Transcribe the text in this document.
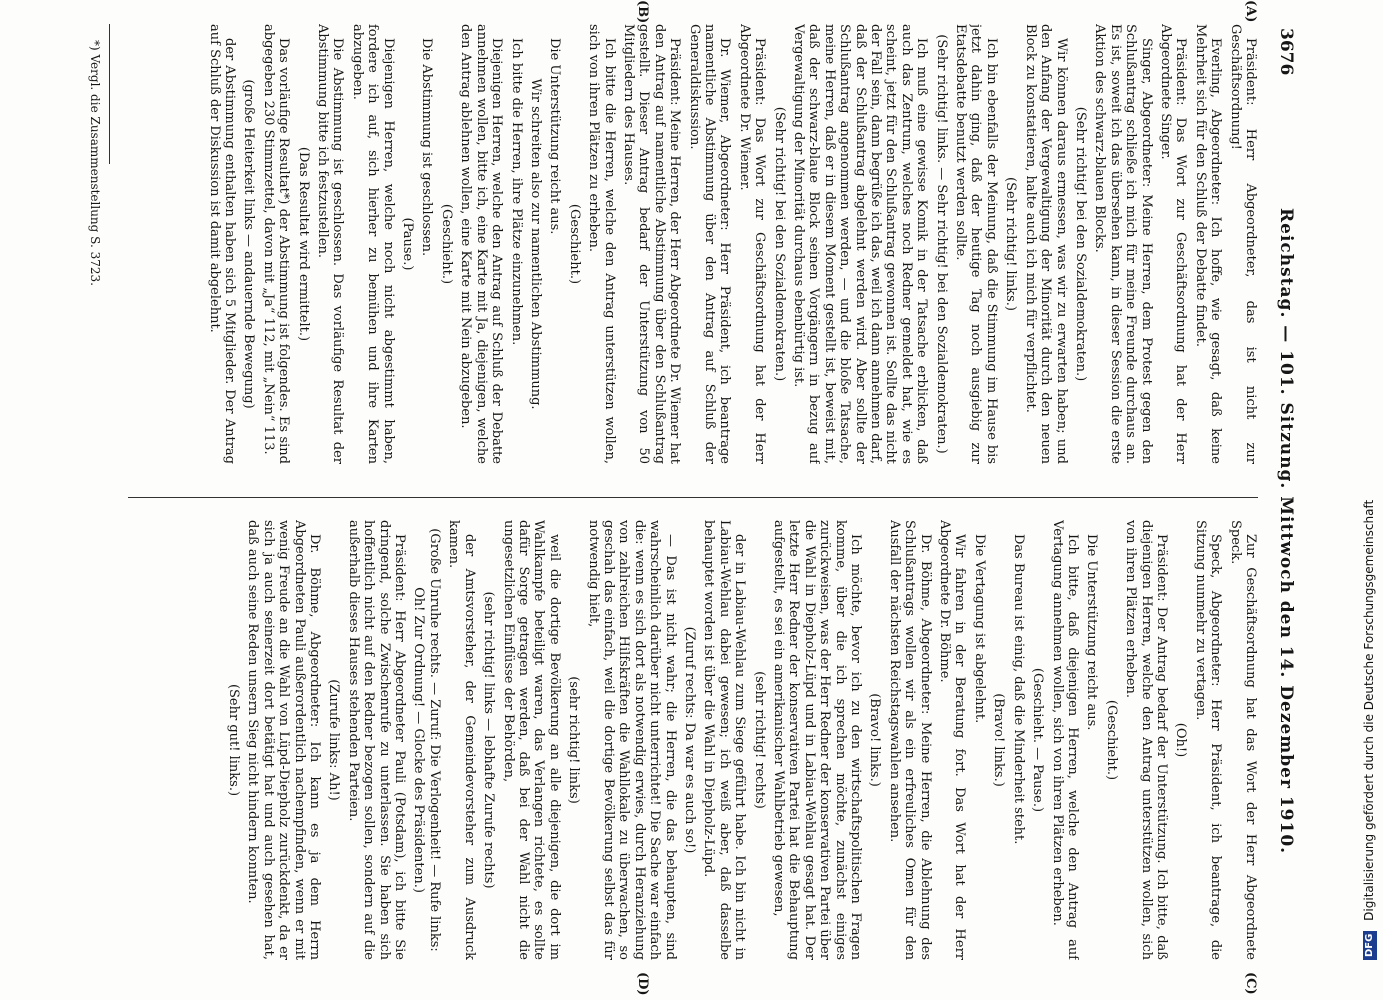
3676
Reichstag. — 101. Sitzung. Mittwoch den 14. Dezember 1910.
(A)
(B)
(C)
(D)

Präsident: Herr Abgeordneter, das ist nicht zur Geschäftsordnung!

Everling, Abgeordneter: Ich hoffe, wie gesagt, daß keine Mehrheit sich für den Schluß der Debatte findet.

Präsident: Das Wort zur Geschäftsordnung hat der Herr Abgeordnete Singer.

Singer, Abgeordneter: Meine Herren, dem Protest gegen den Schlußantrag schließe ich mich für meine Freunde durchaus an. Es ist, soweit ich das übersehen kann, in dieser Session die erste Aktion des schwarz-blauen Blocks.

(Sehr richtig! bei den Sozialdemokraten.)

Wir können daraus ermessen, was wir zu erwarten haben; und den Anfang der Vergewaltigung der Minorität durch den neuen Block zu konstatieren, halte auch ich mich für verpflichtet.

(Sehr richtig! links.)

Ich bin ebenfalls der Meinung, daß die Stimmung im Hause bis jetzt dahin ging, daß der heutige Tag noch ausgiebig zur Etatsdebatte benutzt werden sollte.

(Sehr richtig! links. — Sehr richtig! bei den Sozialdemokraten.)

Ich muß eine gewisse Komik in der Tatsache erblicken, daß auch das Zentrum, welches noch Redner gemeldet hat, wie es scheint, jetzt für den Schlußantrag gewonnen ist. Sollte das nicht der Fall sein, dann begrüße ich das, weil ich dann annehmen darf, daß der Schlußantrag abgelehnt werden wird. Aber sollte der Schlußantrag angenommen werden, — und die bloße Tatsache, meine Herren, daß er in diesem Moment gestellt ist, beweist mit, daß der schwarz-blaue Block seinen Vorgängern in bezug auf Vergewaltigung der Minorität durchaus ebenbürtig ist.

(Sehr richtig! bei den Sozialdemokraten.)

Präsident: Das Wort zur Geschäftsordnung hat der Herr Abgeordnete Dr. Wiemer.

Dr. Wiemer, Abgeordneter: Herr Präsident, ich beantrage namentliche Abstimmung über den Antrag auf Schluß der Generaldiskussion.

Präsident: Meine Herren, der Herr Abgeordnete Dr. Wiemer hat den Antrag auf namentliche Abstimmung über den Schlußantrag gestellt. Dieser Antrag bedarf der Unterstützung von 50 Mitgliedern des Hauses.

Ich bitte die Herren, welche den Antrag unterstützen wollen, sich von ihren Plätzen zu erheben.

(Geschieht.)

Die Unterstützung reicht aus.

Wir schreiten also zur namentlichen Abstimmung.

Ich bitte die Herren, ihre Plätze einzunehmen.

Diejenigen Herren, welche den Antrag auf Schluß der Debatte annehmen wollen, bitte ich, eine Karte mit Ja, diejenigen, welche den Antrag ablehnen wollen, eine Karte mit Nein abzugeben.

(Geschieht.)

Die Abstimmung ist geschlossen.

(Pause.)

Diejenigen Herren, welche noch nicht abgestimmt haben, fordere ich auf, sich hierher zu bemühen und ihre Karten abzugeben.

Die Abstimmung ist geschlossen. Das vorläufige Resultat der Abstimmung bitte ich festzustellen.

(Das Resultat wird ermittelt.)

Das vorläufige Resultat*) der Abstimmung ist folgendes. Es sind abgegeben 230 Stimmzettel, davon mit „Ja“ 112, mit „Nein“ 113.

(große Heiterkeit links — andauernde Bewegung)

der Abstimmung enthalten haben sich 5 Mitglieder. Der Antrag auf Schluß der Diskussion ist damit abgelehnt.

Zur Geschäftsordnung hat das Wort der Herr Abgeordnete Speck.

Speck, Abgeordneter: Herr Präsident, ich beantrage, die Sitzung nunmehr zu vertagen.

(Oh!)

Präsident: Der Antrag bedarf der Unterstützung. Ich bitte, daß diejenigen Herren, welche den Antrag unterstützen wollen, sich von ihren Plätzen erheben.

(Geschieht.)

Die Unterstützung reicht aus.

Ich bitte, daß diejenigen Herren, welche den Antrag auf Vertagung annehmen wollen, sich von ihren Plätzen erheben.

(Geschieht. — Pause.)

Das Bureau ist einig, daß die Minderheit steht.

(Bravo! links.)

Die Vertagung ist abgelehnt.

Wir fahren in der Beratung fort. Das Wort hat der Herr Abgeordnete Dr. Böhme.

Dr. Böhme, Abgeordneter: Meine Herren, die Ablehnung des Schlußantrags wollen wir als ein erfreuliches Omen für den Ausfall der nächsten Reichstagswahlen ansehen.

(Bravo! links.)

Ich möchte, bevor ich zu den wirtschaftspolitischen Fragen komme, über die ich sprechen möchte, zunächst einiges zurückweisen, was der Herr Redner der konservativen Partei über die Wahl in Diepholz-Lüpd und in Labiau-Wehlau gesagt hat. Der letzte Herr Redner der konservativen Partei hat die Behauptung aufgestellt, es sei ein amerikanischer Wahlbetrieb gewesen,

(sehr richtig! rechts)

der in Labiau-Wehlau zum Siege geführt habe. Ich bin nicht in Labiau-Wehlau dabei gewesen; ich weiß aber, daß dasselbe behauptet worden ist über die Wahl in Diepholz-Lüpd.

(Zuruf rechts: Da war es auch so!)

— Das ist nicht wahr; die Herren, die das behaupten, sind wahrscheinlich darüber nicht unterrichtet! Die Sache war einfach die: wenn es sich dort als notwendig erwies, durch Heranziehung von zahlreichen Hilfskräften die Wahllokale zu überwachen, so geschah das einfach, weil die dortige Bevölkerung selbst das für notwendig hielt,

(sehr richtig! links)

weil die dortige Bevölkerung an alle diejenigen, die dort im Wahlkampfe beteiligt waren, das Verlangen richtete, es sollte dafür Sorge getragen werden, daß bei der Wahl nicht die ungesetzlichen Einflüsse der Behörden,

(sehr richtig! links — lebhafte Zurufe rechts)

der Amtsvorsteher, der Gemeindevorsteher zum Ausdruck kamen.

(Große Unruhe rechts. — Zuruf: Die Verlogenheit! — Rufe links: Oh! Zur Ordnung! — Glocke des Präsidenten.)

Präsident: Herr Abgeordneter Pauli (Potsdam), ich bitte Sie dringend, solche Zwischenrufe zu unterlassen. Sie haben sich hoffentlich nicht auf den Redner bezogen sollen, sondern auf die außerhalb dieses Hauses stehenden Parteien.

(Zurufe links: Ah!)

Dr. Böhme, Abgeordneter: Ich kann es ja dem Herrn Abgeordneten Pauli außerordentlich nachempfinden, wenn er mit wenig Freude an die Wahl von Lüpd-Diepholz zurückdenkt, da er sich ja auch seinerzeit dort betätigt hat und auch gesehen hat, daß auch seine Reden unsern Sieg nicht hindern konnten.

(Sehr gut! links.)

*) Vergl. die Zusammenstellung S. 3723.
DFG Digitalisierung gefördert durch die Deutsche Forschungsgemeinschaft
